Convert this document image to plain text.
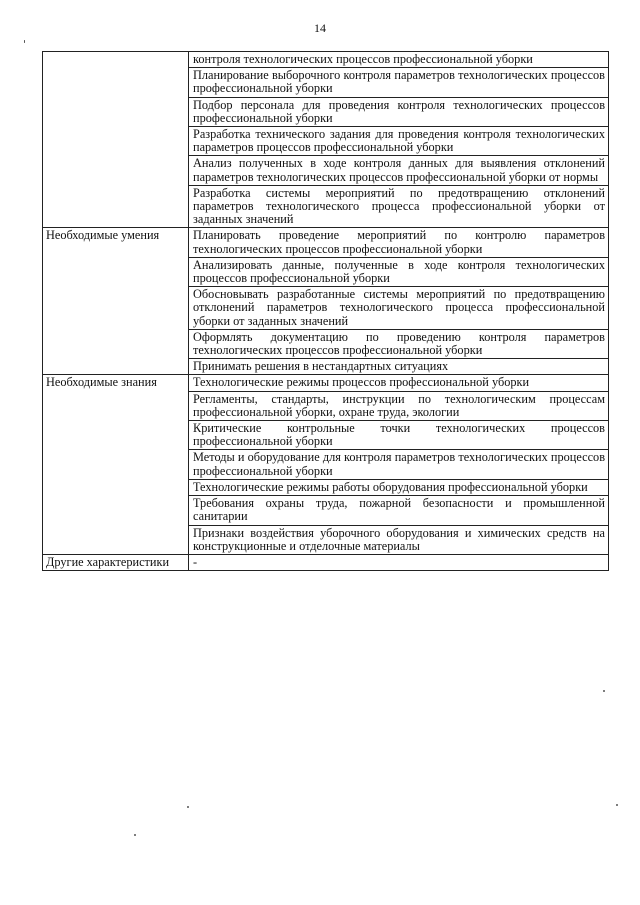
14
	контроля технологических процессов профессиональной уборки
	Планирование выборочного контроля параметров технологических процессов профессиональной уборки
	Подбор персонала для проведения контроля технологических процессов профессиональной уборки
	Разработка технического задания для проведения контроля технологических параметров процессов профессиональной уборки
	Анализ полученных в ходе контроля данных для выявления отклонений параметров технологических процессов профессиональной уборки от нормы
	Разработка системы мероприятий по предотвращению отклонений параметров технологического процесса профессиональной уборки от заданных значений
Необходимые умения	Планировать проведение мероприятий по контролю параметров технологических процессов профессиональной уборки
	Анализировать данные, полученные в ходе контроля технологических процессов профессиональной уборки
	Обосновывать разработанные системы мероприятий по предотвращению отклонений параметров технологического процесса профессиональной уборки от заданных значений
	Оформлять документацию по проведению контроля параметров технологических процессов профессиональной уборки
	Принимать решения в нестандартных ситуациях
Необходимые знания	Технологические режимы процессов профессиональной уборки
	Регламенты, стандарты, инструкции по технологическим процессам профессиональной уборки, охране труда, экологии
	Критические контрольные точки технологических процессов профессиональной уборки
	Методы и оборудование для контроля параметров технологических процессов профессиональной уборки
	Технологические режимы работы оборудования профессиональной уборки
	Требования охраны труда, пожарной безопасности и промышленной санитарии
	Признаки воздействия уборочного оборудования и химических средств на конструкционные и отделочные материалы
Другие характеристики	-
